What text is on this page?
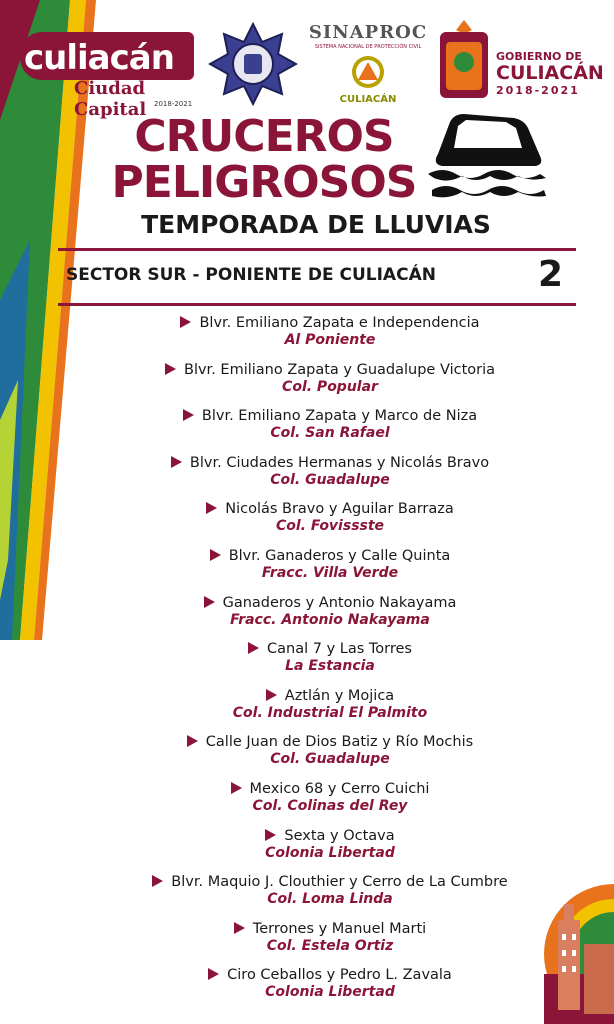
culiacán
Ciudad Capital	2018-2021
SINAPROC
SISTEMA NACIONAL DE PROTECCIÓN CIVIL
CULIACÁN
GOBIERNO DE
CULIACÁN
2018-2021
CRUCEROS
PELIGROSOS
TEMPORADA DE LLUVIAS
SECTOR SUR - PONIENTE DE CULIACÁN	2
Blvr. Emiliano Zapata e Independencia
Al Poniente
Blvr. Emiliano Zapata y Guadalupe Victoria
Col. Popular
Blvr. Emiliano Zapata y Marco de Niza
Col. San Rafael
Blvr. Ciudades Hermanas y Nicolás Bravo
Col. Guadalupe
Nicolás Bravo y Aguilar Barraza
Col. Fovissste
Blvr. Ganaderos y Calle Quinta
Fracc. Villa Verde
Ganaderos y Antonio Nakayama
Fracc. Antonio Nakayama
Canal 7 y Las Torres
La Estancia
Aztlán y Mojica
Col. Industrial El Palmito
Calle Juan de Dios Batiz y Río Mochis
Col. Guadalupe
Mexico 68 y Cerro Cuichi
Col. Colinas del Rey
Sexta y Octava
Colonia Libertad
Blvr. Maquio J. Clouthier y Cerro de La Cumbre
Col. Loma Linda
Terrones y Manuel Marti
Col. Estela Ortiz
Ciro Ceballos y Pedro L. Zavala
Colonia Libertad
